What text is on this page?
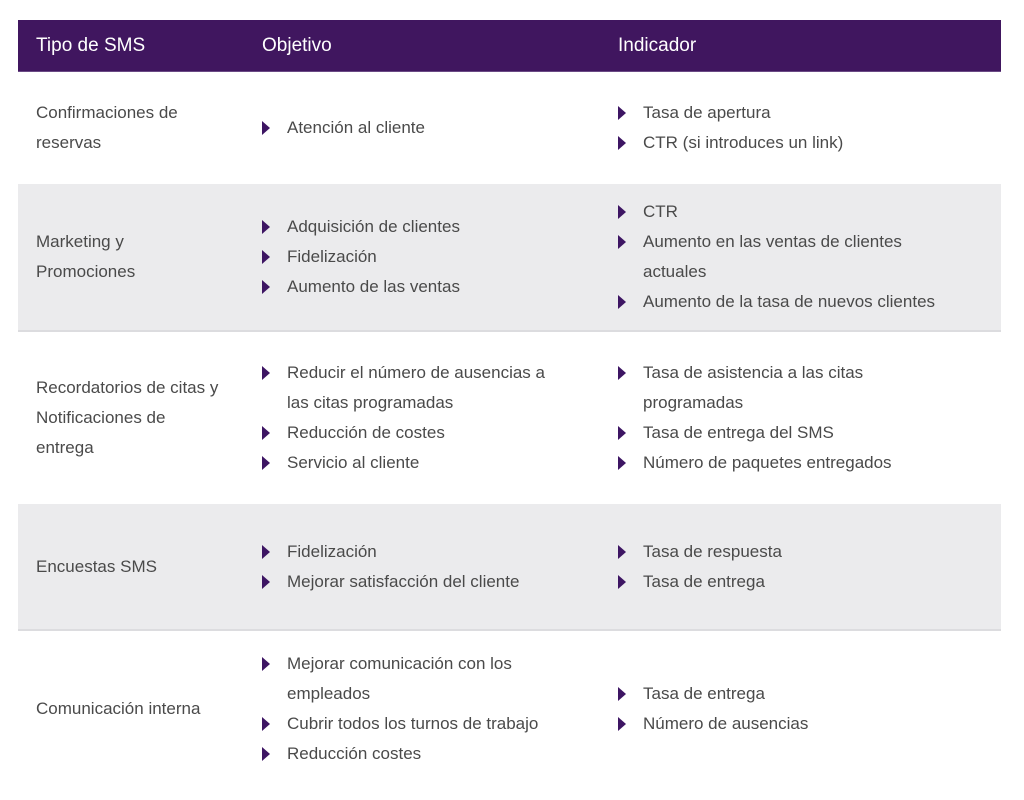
Tipo de SMS	Objetivo	Indicador
Confirmaciones de reservas
Atención al cliente
Tasa de apertura
CTR (si introduces un link)
Marketing y Promociones
Adquisición de clientes
Fidelización
Aumento de las ventas
CTR
Aumento en las ventas de clientes actuales
Aumento de la tasa de nuevos clientes
Recordatorios de citas y Notificaciones de entrega
Reducir el número de ausencias a las citas programadas
Reducción de costes
Servicio al cliente
Tasa de asistencia a las citas programadas
Tasa de entrega del SMS
Número de paquetes entregados
Encuestas SMS
Fidelización
Mejorar satisfacción del cliente
Tasa de respuesta
Tasa de entrega
Comunicación interna
Mejorar comunicación con los empleados
Cubrir todos los turnos de trabajo
Reducción costes
Tasa de entrega
Número de ausencias
